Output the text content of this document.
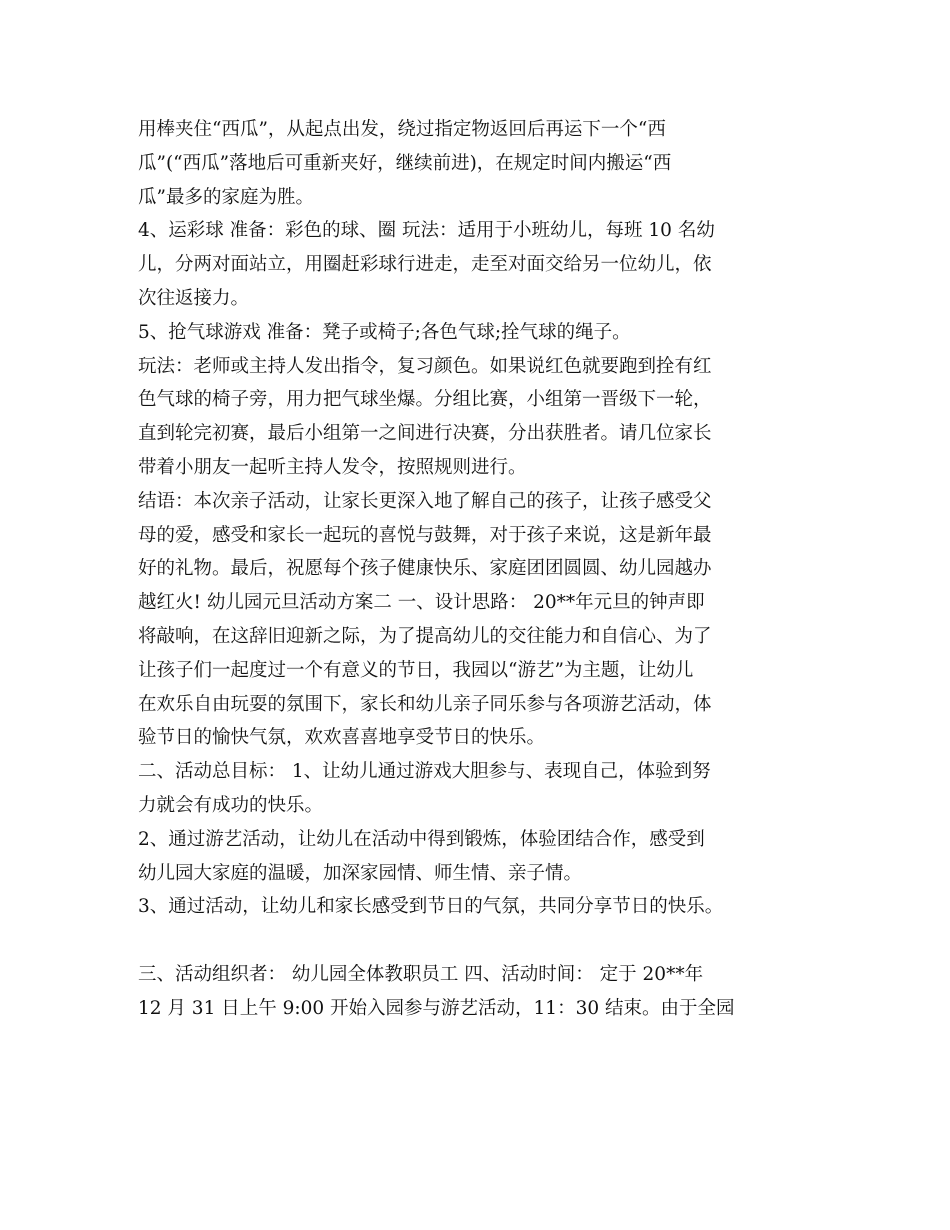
用棒夹住“西瓜”，从起点出发，绕过指定物返回后再运下一个“西
瓜”(“西瓜”落地后可重新夹好，继续前进)，在规定时间内搬运“西
瓜”最多的家庭为胜。
4、运彩球 准备：彩色的球、圈 玩法：适用于小班幼儿，每班 10 名幼
儿，分两对面站立，用圈赶彩球行进走，走至对面交给另一位幼儿，依
次往返接力。
5、抢气球游戏 准备：凳子或椅子;各色气球;拴气球的绳子。
玩法：老师或主持人发出指令，复习颜色。如果说红色就要跑到拴有红
色气球的椅子旁，用力把气球坐爆。分组比赛，小组第一晋级下一轮，
直到轮完初赛，最后小组第一之间进行决赛，分出获胜者。请几位家长
带着小朋友一起听主持人发令，按照规则进行。
结语：本次亲子活动，让家长更深入地了解自己的孩子，让孩子感受父
母的爱，感受和家长一起玩的喜悦与鼓舞，对于孩子来说，这是新年最
好的礼物。最后，祝愿每个孩子健康快乐、家庭团团圆圆、幼儿园越办
越红火! 幼儿园元旦活动方案二 一、设计思路： 20**年元旦的钟声即
将敲响，在这辞旧迎新之际，为了提高幼儿的交往能力和自信心、为了
让孩子们一起度过一个有意义的节日，我园以“游艺”为主题，让幼儿
在欢乐自由玩耍的氛围下，家长和幼儿亲子同乐参与各项游艺活动，体
验节日的愉快气氛，欢欢喜喜地享受节日的快乐。
二、活动总目标： 1、让幼儿通过游戏大胆参与、表现自己，体验到努
力就会有成功的快乐。
2、通过游艺活动，让幼儿在活动中得到锻炼，体验团结合作，感受到
幼儿园大家庭的温暖，加深家园情、师生情、亲子情。
3、通过活动，让幼儿和家长感受到节日的气氛，共同分享节日的快乐。
三、活动组织者： 幼儿园全体教职员工 四、活动时间： 定于 20**年
12 月 31 日上午 9:00 开始入园参与游艺活动，11：30 结束。由于全园
